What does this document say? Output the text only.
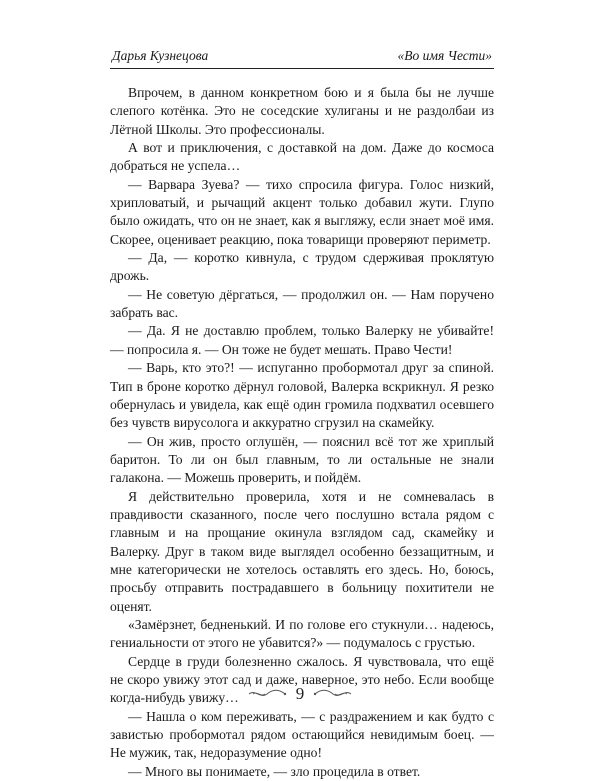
Дарья Кузнецова	«Во имя Чести»

Впрочем, в данном конкретном бою и я была бы не лучше слепого котёнка. Это не соседские хулиганы и не раздолбаи из Лётной Школы. Это профессионалы.

А вот и приключения, с доставкой на дом. Даже до космоса добраться не успела…

— Варвара Зуева? — тихо спросила фигура. Голос низкий, хрипловатый, и рычащий акцент только добавил жути. Глупо было ожидать, что он не знает, как я выгляжу, если знает моё имя. Скорее, оценивает реакцию, пока товарищи проверяют периметр.

— Да, — коротко кивнула, с трудом сдерживая проклятую дрожь.

— Не советую дёргаться, — продолжил он. — Нам поручено забрать вас.

— Да. Я не доставлю проблем, только Валерку не убивайте! — попросила я. — Он тоже не будет мешать. Право Чести!

— Варь, кто это?! — испуганно пробормотал друг за спиной. Тип в броне коротко дёрнул головой, Валерка вскрикнул. Я резко обернулась и увидела, как ещё один громила подхватил осевшего без чувств вирусолога и аккуратно сгрузил на скамейку.

— Он жив, просто оглушён, — пояснил всё тот же хриплый баритон. То ли он был главным, то ли остальные не знали галакона. — Можешь проверить, и пойдём.

Я действительно проверила, хотя и не сомневалась в правдивости сказанного, после чего послушно встала рядом с главным и на прощание окинула взглядом сад, скамейку и Валерку. Друг в таком виде выглядел особенно беззащитным, и мне категорически не хотелось оставлять его здесь. Но, боюсь, просьбу отправить пострадавшего в больницу похитители не оценят.

«Замёрзнет, бедненький. И по голове его стукнули… надеюсь, гениальности от этого не убавится?» — подумалось с грустью.

Сердце в груди болезненно сжалось. Я чувствовала, что ещё не скоро увижу этот сад и даже, наверное, это небо. Если вообще когда-нибудь увижу…

— Нашла о ком переживать, — с раздражением и как будто с завистью пробормотал рядом остающийся невидимым боец. — Не мужик, так, недоразумение одно!

— Много вы понимаете, — зло процедила в ответ.

9
